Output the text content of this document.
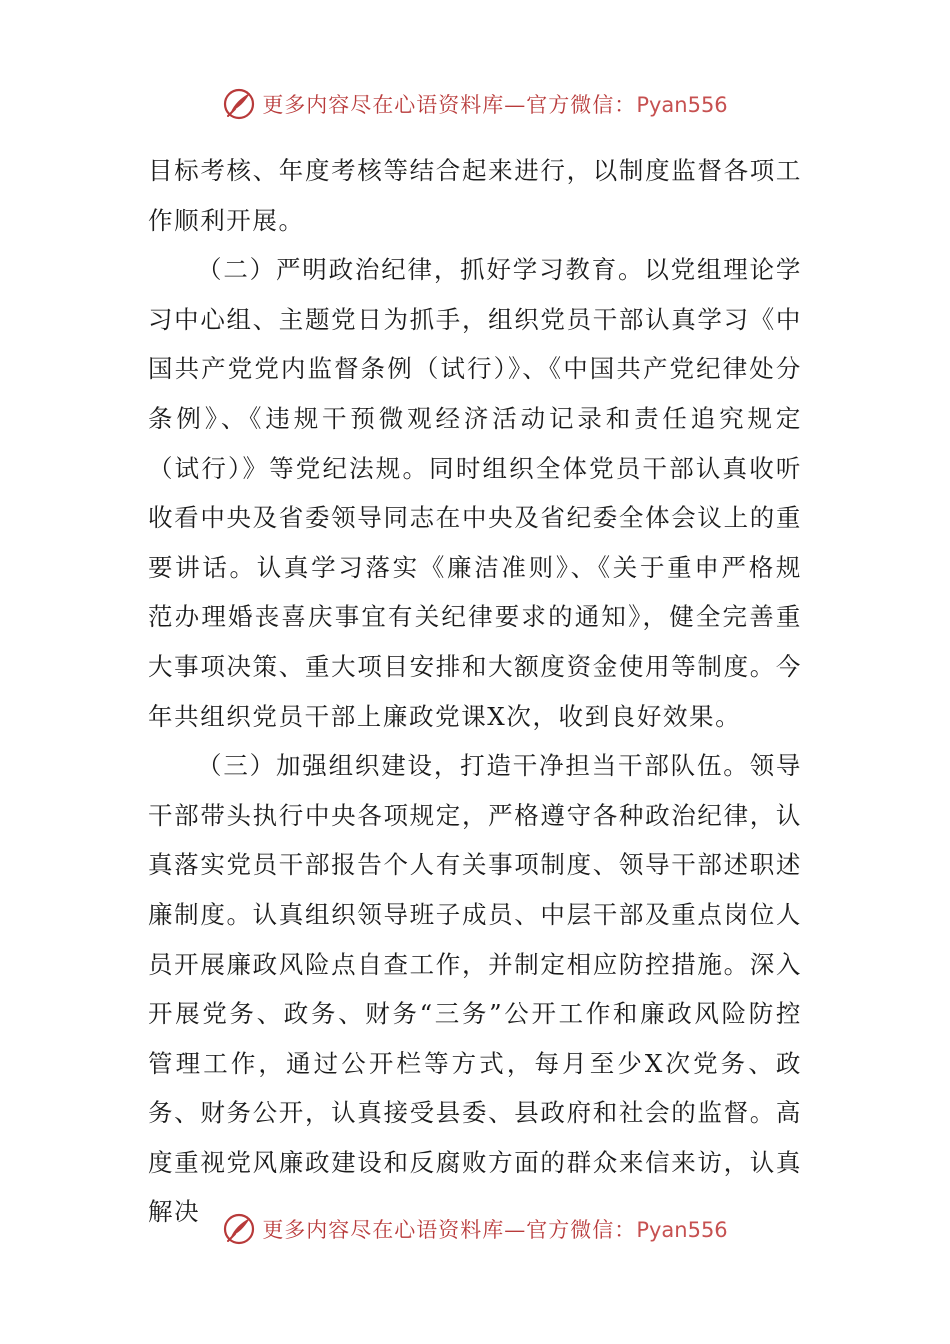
更多内容尽在心语资料库—官方微信：Pyan556

目标考核、年度考核等结合起来进行，以制度监督各项工作顺利开展。

（二）严明政治纪律，抓好学习教育。以党组理论学习中心组、主题党日为抓手，组织党员干部认真学习《中国共产党党内监督条例（试行）》、《中国共产党纪律处分条例》、《违规干预微观经济活动记录和责任追究规定（试行）》等党纪法规。同时组织全体党员干部认真收听收看中央及省委领导同志在中央及省纪委全体会议上的重要讲话。认真学习落实《廉洁准则》、《关于重申严格规范办理婚丧喜庆事宜有关纪律要求的通知》，健全完善重大事项决策、重大项目安排和大额度资金使用等制度。今年共组织党员干部上廉政党课X次，收到良好效果。

（三）加强组织建设，打造干净担当干部队伍。领导干部带头执行中央各项规定，严格遵守各种政治纪律，认真落实党员干部报告个人有关事项制度、领导干部述职述廉制度。认真组织领导班子成员、中层干部及重点岗位人员开展廉政风险点自查工作，并制定相应防控措施。深入开展党务、政务、财务“三务”公开工作和廉政风险防控管理工作，通过公开栏等方式，每月至少X次党务、政务、财务公开，认真接受县委、县政府和社会的监督。高度重视党风廉政建设和反腐败方面的群众来信来访，认真解决

更多内容尽在心语资料库—官方微信：Pyan556
